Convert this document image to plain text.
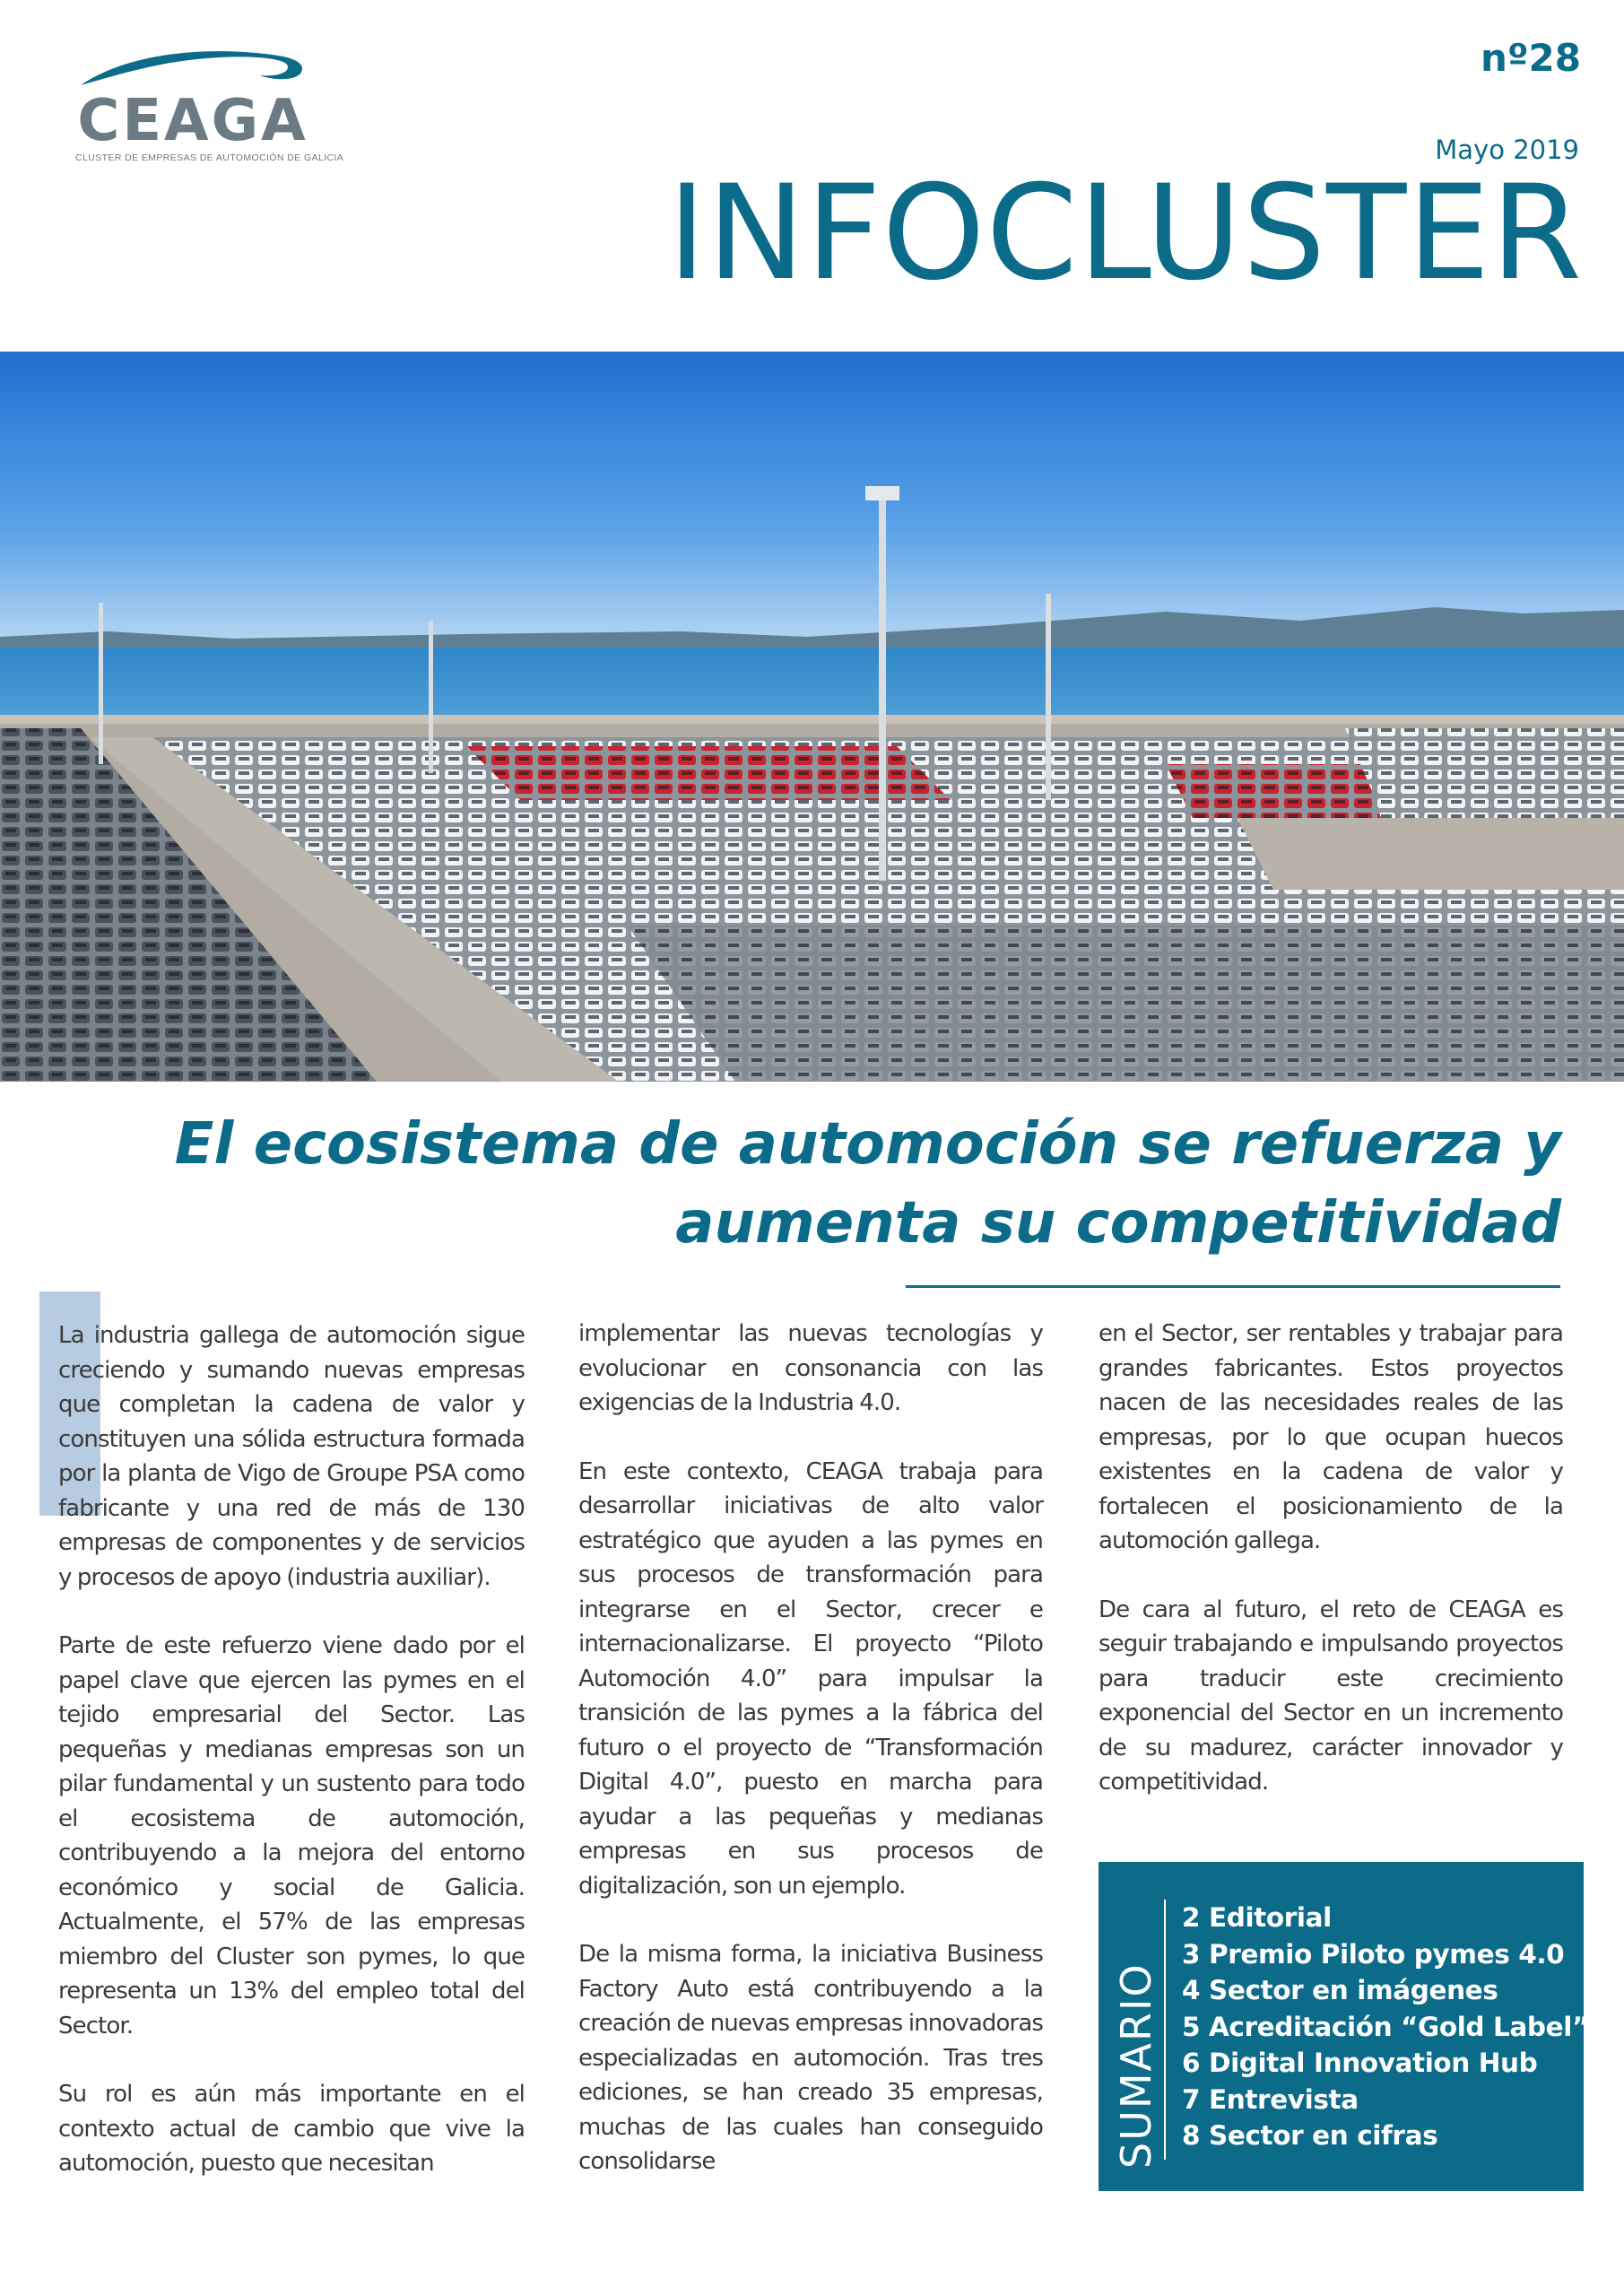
CEAGA
CLUSTER DE EMPRESAS DE AUTOMOCIÓN DE GALICIA
nº28
Mayo 2019
INFOCLUSTER
El ecosistema de automoción se refuerza y
aumenta su competitividad

La industria gallega de automoción sigue creciendo y sumando nuevas empresas que completan la cadena de valor y constituyen una sólida estructura formada por la planta de Vigo de Groupe PSA como fabricante y una red de más de 130 empresas de componentes y de servicios y procesos de apoyo (industria auxiliar).

Parte de este refuerzo viene dado por el papel clave que ejercen las pymes en el tejido empresarial del Sector. Las pequeñas y medianas empresas son un pilar fundamental y un sustento para todo el ecosistema de automoción, contribuyendo a la mejora del entorno económico y social de Galicia. Actualmente, el 57% de las empresas miembro del Cluster son pymes, lo que representa un 13% del empleo total del Sector.

Su rol es aún más importante en el contexto actual de cambio que vive la automoción, puesto que necesitan

implementar las nuevas tecnologías y evolucionar en consonancia con las exigencias de la Industria 4.0.

En este contexto, CEAGA trabaja para desarrollar iniciativas de alto valor estratégico que ayuden a las pymes en sus procesos de transformación para integrarse en el Sector, crecer e internacionalizarse. El proyecto “Piloto Automoción 4.0” para impulsar la transición de las pymes a la fábrica del futuro o el proyecto de “Transformación Digital 4.0”, puesto en marcha para ayudar a las pequeñas y medianas empresas en sus procesos de digitalización, son un ejemplo.

De la misma forma, la iniciativa Business Factory Auto está contribuyendo a la creación de nuevas empresas innovadoras especializadas en automoción. Tras tres ediciones, se han creado 35 empresas, muchas de las cuales han conseguido consolidarse

en el Sector, ser rentables y trabajar para grandes fabricantes. Estos proyectos nacen de las necesidades reales de las empresas, por lo que ocupan huecos existentes en la cadena de valor y fortalecen el posicionamiento de la automoción gallega.

De cara al futuro, el reto de CEAGA es seguir trabajando e impulsando proyectos para traducir este crecimiento exponencial del Sector en un incremento de su madurez, carácter innovador y competitividad.

SUMARIO
2 Editorial
3 Premio Piloto pymes 4.0
4 Sector en imágenes
5 Acreditación “Gold Label”
6 Digital Innovation Hub
7 Entrevista
8 Sector en cifras
